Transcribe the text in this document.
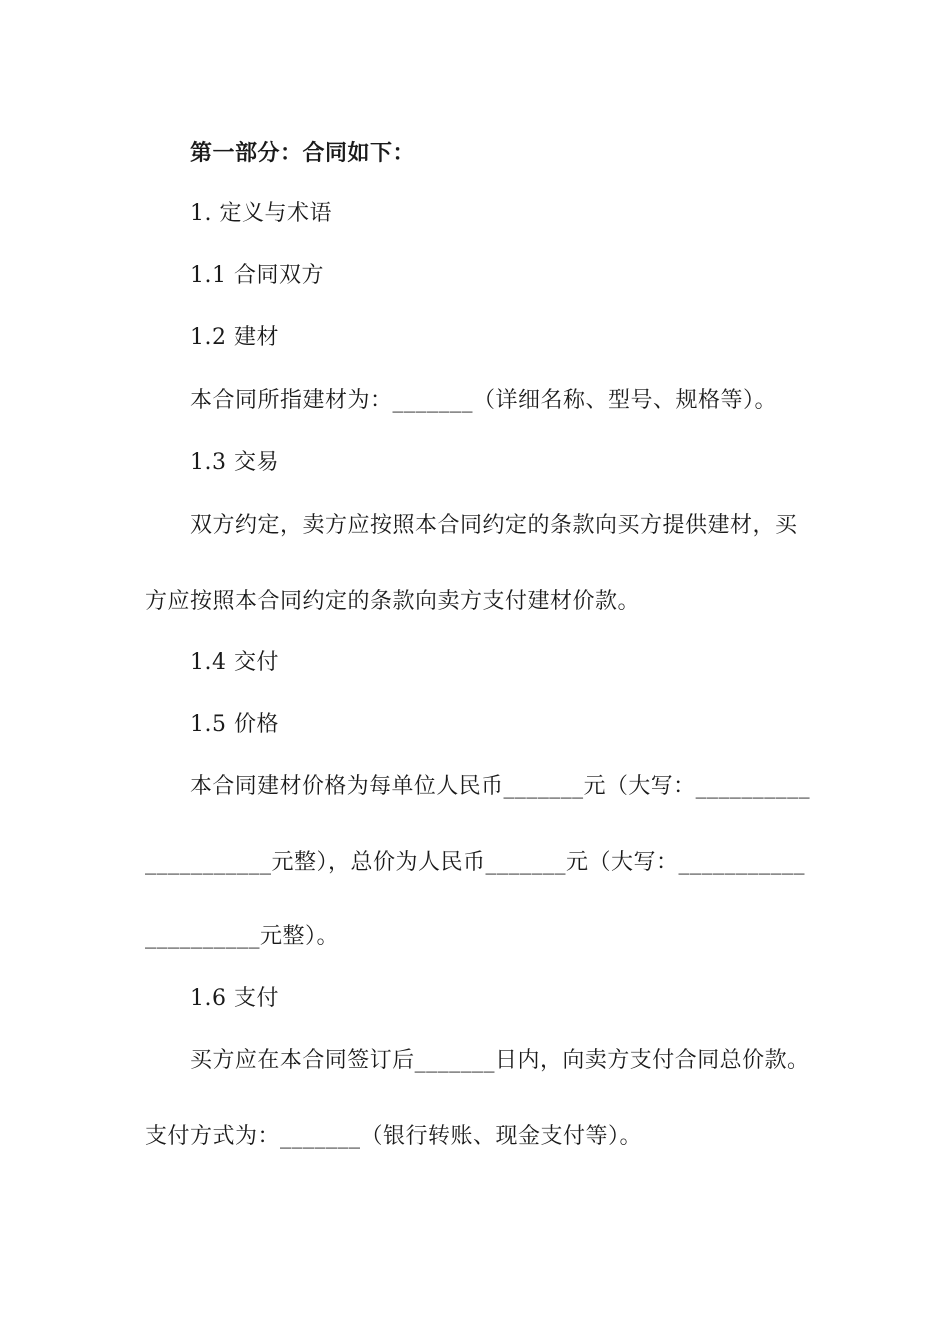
第一部分：合同如下：
1. 定义与术语
1.1 合同双方
1.2 建材
本合同所指建材为：_______（详细名称、型号、规格等）。
1.3 交易
双方约定，卖方应按照本合同约定的条款向买方提供建材，买
方应按照本合同约定的条款向卖方支付建材价款。
1.4 交付
1.5 价格
本合同建材价格为每单位人民币_______元（大写：__________
___________元整），总价为人民币_______元（大写：___________
__________元整）。
1.6 支付
买方应在本合同签订后_______日内，向卖方支付合同总价款。
支付方式为：_______（银行转账、现金支付等）。
